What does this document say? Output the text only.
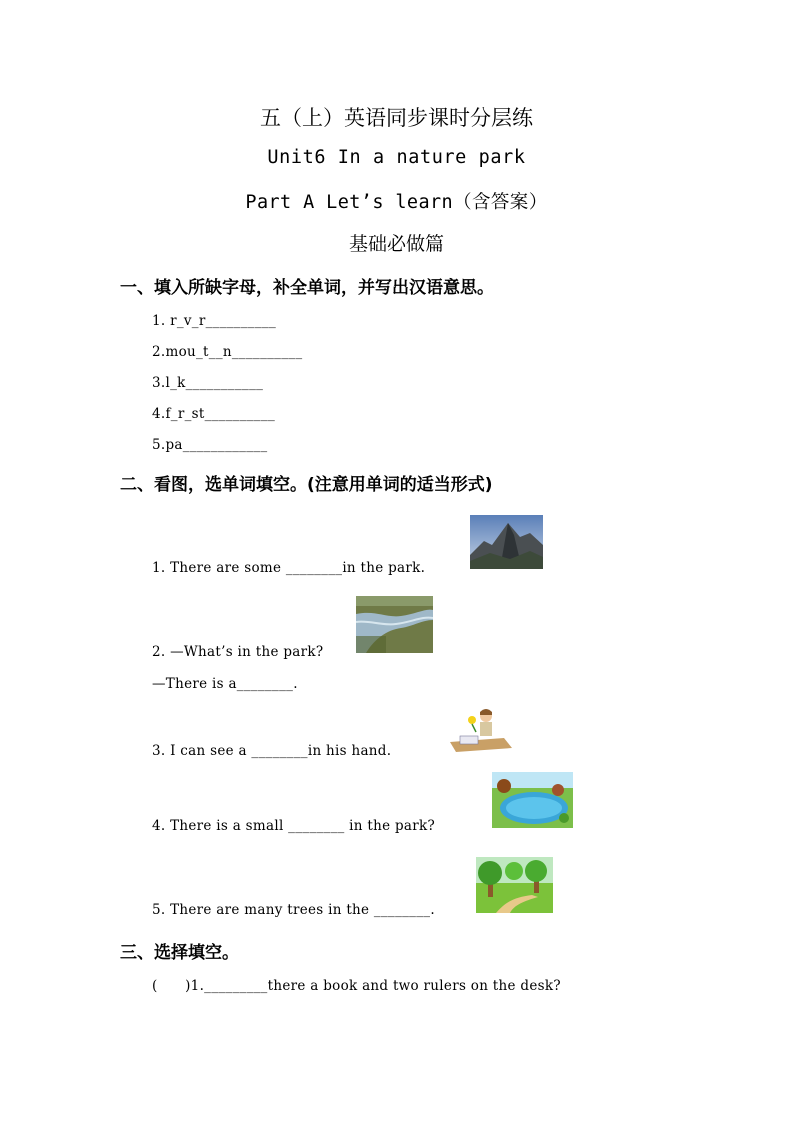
五（上）英语同步课时分层练
Unit6 In a nature park
Part A Let’s learn（含答案）
基础必做篇
一、填入所缺字母，补全单词，并写出汉语意思。
1. r_v_r__________
2.mou_t__n__________
3.l_k___________
4.f_r_st__________
5.pa____________
二、看图，选单词填空。(注意用单词的适当形式)
1. There are some ________in the park.
2. —What’s in the park?
—There is a________.
3. I can see a ________in his hand.
4. There is a small ________ in the park?
5. There are many trees in the ________.
三、选择填空。
(      )1._________there a book and two rulers on the desk?
